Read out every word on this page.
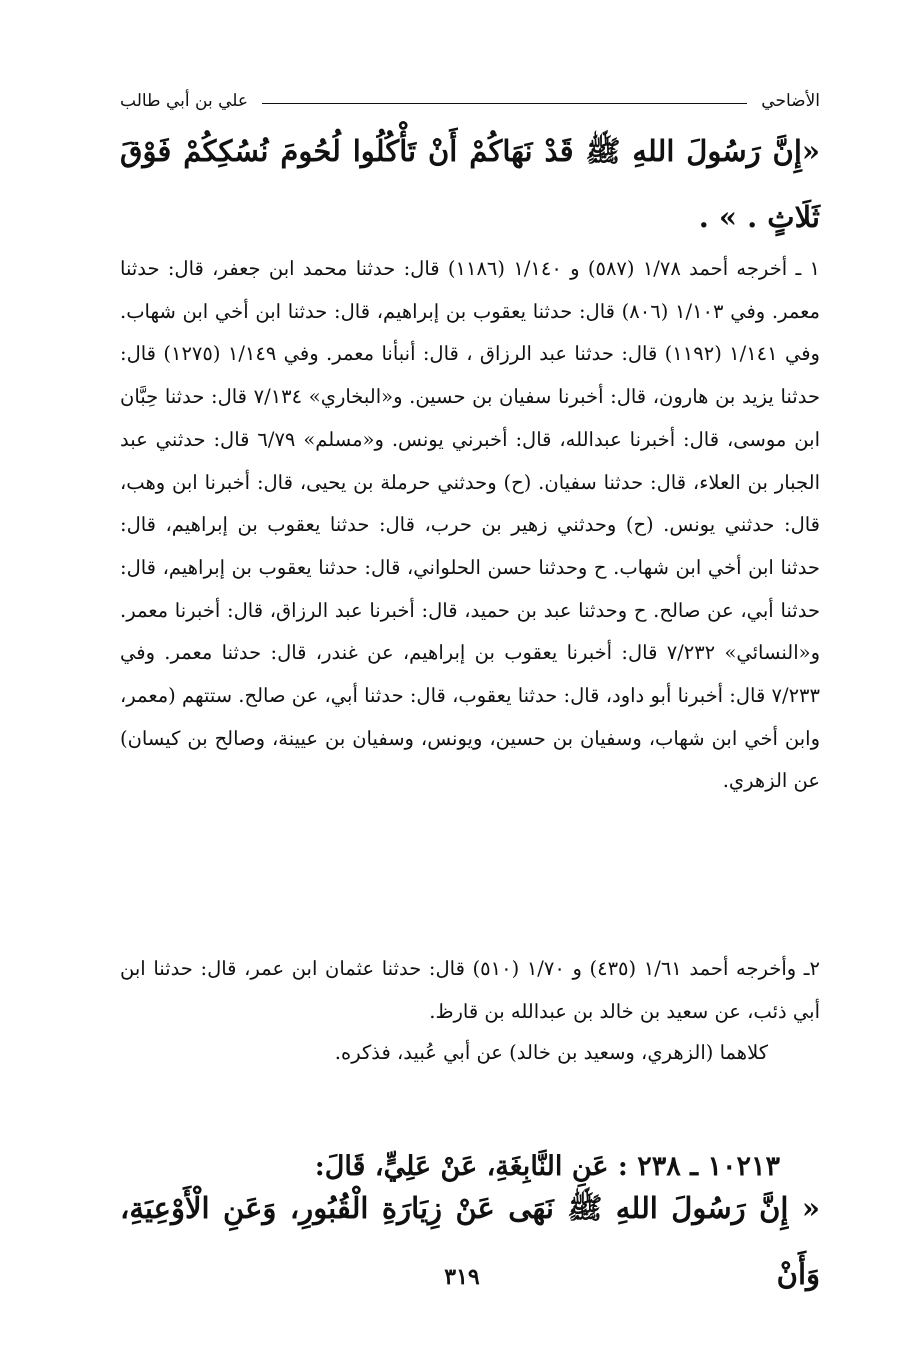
الأضاحي
علي بن أبي طالب
«إِنَّ رَسُولَ اللهِ ﷺ قَدْ نَهَاكُمْ أَنْ تَأْكُلُوا لُحُومَ نُسُكِكُمْ فَوْقَ ثَلَاثٍ . » .

١ ـ أخرجه أحمد ١/٧٨ (٥٨٧) و ١/١٤٠ (١١٨٦) قال: حدثنا محمد ابن جعفر، قال: حدثنا معمر. وفي ١/١٠٣ (٨٠٦) قال: حدثنا يعقوب بن إبراهيم، قال: حدثنا ابن أخي ابن شهاب. وفي ١/١٤١ (١١٩٢) قال: حدثنا عبد الرزاق ، قال: أنبأنا معمر. وفي ١/١٤٩ (١٢٧٥) قال: حدثنا يزيد بن هارون، قال: أخبرنا سفيان بن حسين. و«البخاري» ٧/١٣٤ قال: حدثنا حِبَّان ابن موسى، قال: أخبرنا عبدالله، قال: أخبرني يونس. و«مسلم» ٦/٧٩ قال: حدثني عبد الجبار بن العلاء، قال: حدثنا سفيان. (ح) وحدثني حرملة بن يحيى، قال: أخبرنا ابن وهب، قال: حدثني يونس. (ح) وحدثني زهير بن حرب، قال: حدثنا يعقوب بن إبراهيم، قال: حدثنا ابن أخي ابن شهاب. ح وحدثنا حسن الحلواني، قال: حدثنا يعقوب بن إبراهيم، قال: حدثنا أبي، عن صالح. ح وحدثنا عبد بن حميد، قال: أخبرنا عبد الرزاق، قال: أخبرنا معمر. و«النسائي» ٧/٢٣٢ قال: أخبرنا يعقوب بن إبراهيم، عن غندر، قال: حدثنا معمر. وفي ٧/٢٣٣ قال: أخبرنا أبو داود، قال: حدثنا يعقوب، قال: حدثنا أبي، عن صالح. ستتهم (معمر، وابن أخي ابن شهاب، وسفيان بن حسين، ويونس، وسفيان بن عيينة، وصالح بن كيسان) عن الزهري.

٢ـ وأخرجه أحمد ١/٦١ (٤٣٥) و ١/٧٠ (٥١٠) قال: حدثنا عثمان ابن عمر، قال: حدثنا ابن أبي ذئب، عن سعيد بن خالد بن عبدالله بن قارظ.

كلاهما (الزهري، وسعيد بن خالد) عن أبي عُبيد، فذكره.

١٠٢١٣ ـ ٢٣٨ : عَنِ النَّابِغَةِ، عَنْ عَلِيٍّ، قَالَ:
« إِنَّ رَسُولَ اللهِ ﷺ نَهَى عَنْ زِيَارَةِ الْقُبُورِ، وَعَنِ الْأَوْعِيَةِ، وَأَنْ
٣١٩
